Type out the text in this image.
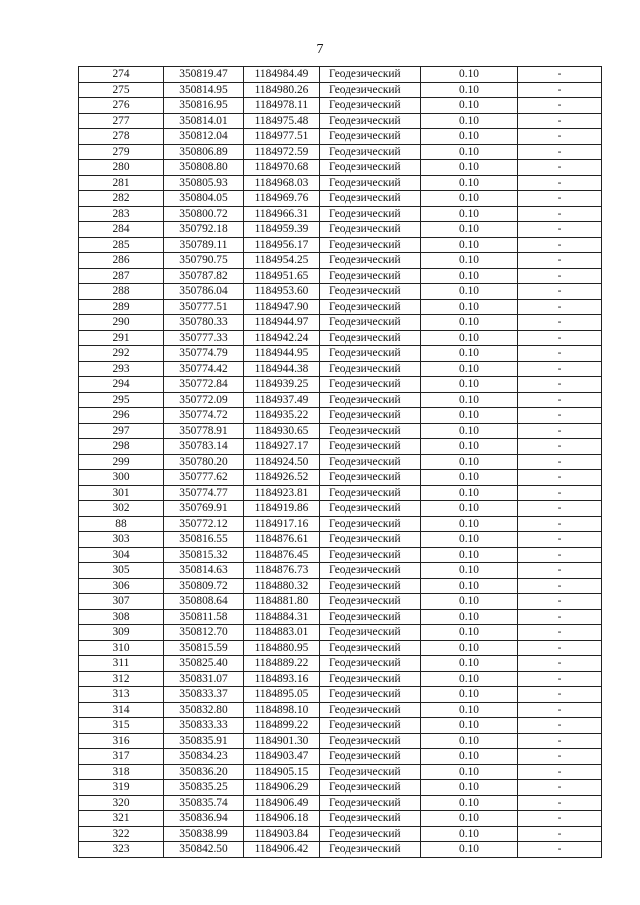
7
274	350819.47	1184984.49	Геодезический	0.10	-
275	350814.95	1184980.26	Геодезический	0.10	-
276	350816.95	1184978.11	Геодезический	0.10	-
277	350814.01	1184975.48	Геодезический	0.10	-
278	350812.04	1184977.51	Геодезический	0.10	-
279	350806.89	1184972.59	Геодезический	0.10	-
280	350808.80	1184970.68	Геодезический	0.10	-
281	350805.93	1184968.03	Геодезический	0.10	-
282	350804.05	1184969.76	Геодезический	0.10	-
283	350800.72	1184966.31	Геодезический	0.10	-
284	350792.18	1184959.39	Геодезический	0.10	-
285	350789.11	1184956.17	Геодезический	0.10	-
286	350790.75	1184954.25	Геодезический	0.10	-
287	350787.82	1184951.65	Геодезический	0.10	-
288	350786.04	1184953.60	Геодезический	0.10	-
289	350777.51	1184947.90	Геодезический	0.10	-
290	350780.33	1184944.97	Геодезический	0.10	-
291	350777.33	1184942.24	Геодезический	0.10	-
292	350774.79	1184944.95	Геодезический	0.10	-
293	350774.42	1184944.38	Геодезический	0.10	-
294	350772.84	1184939.25	Геодезический	0.10	-
295	350772.09	1184937.49	Геодезический	0.10	-
296	350774.72	1184935.22	Геодезический	0.10	-
297	350778.91	1184930.65	Геодезический	0.10	-
298	350783.14	1184927.17	Геодезический	0.10	-
299	350780.20	1184924.50	Геодезический	0.10	-
300	350777.62	1184926.52	Геодезический	0.10	-
301	350774.77	1184923.81	Геодезический	0.10	-
302	350769.91	1184919.86	Геодезический	0.10	-
88	350772.12	1184917.16	Геодезический	0.10	-
303	350816.55	1184876.61	Геодезический	0.10	-
304	350815.32	1184876.45	Геодезический	0.10	-
305	350814.63	1184876.73	Геодезический	0.10	-
306	350809.72	1184880.32	Геодезический	0.10	-
307	350808.64	1184881.80	Геодезический	0.10	-
308	350811.58	1184884.31	Геодезический	0.10	-
309	350812.70	1184883.01	Геодезический	0.10	-
310	350815.59	1184880.95	Геодезический	0.10	-
311	350825.40	1184889.22	Геодезический	0.10	-
312	350831.07	1184893.16	Геодезический	0.10	-
313	350833.37	1184895.05	Геодезический	0.10	-
314	350832.80	1184898.10	Геодезический	0.10	-
315	350833.33	1184899.22	Геодезический	0.10	-
316	350835.91	1184901.30	Геодезический	0.10	-
317	350834.23	1184903.47	Геодезический	0.10	-
318	350836.20	1184905.15	Геодезический	0.10	-
319	350835.25	1184906.29	Геодезический	0.10	-
320	350835.74	1184906.49	Геодезический	0.10	-
321	350836.94	1184906.18	Геодезический	0.10	-
322	350838.99	1184903.84	Геодезический	0.10	-
323	350842.50	1184906.42	Геодезический	0.10	-
